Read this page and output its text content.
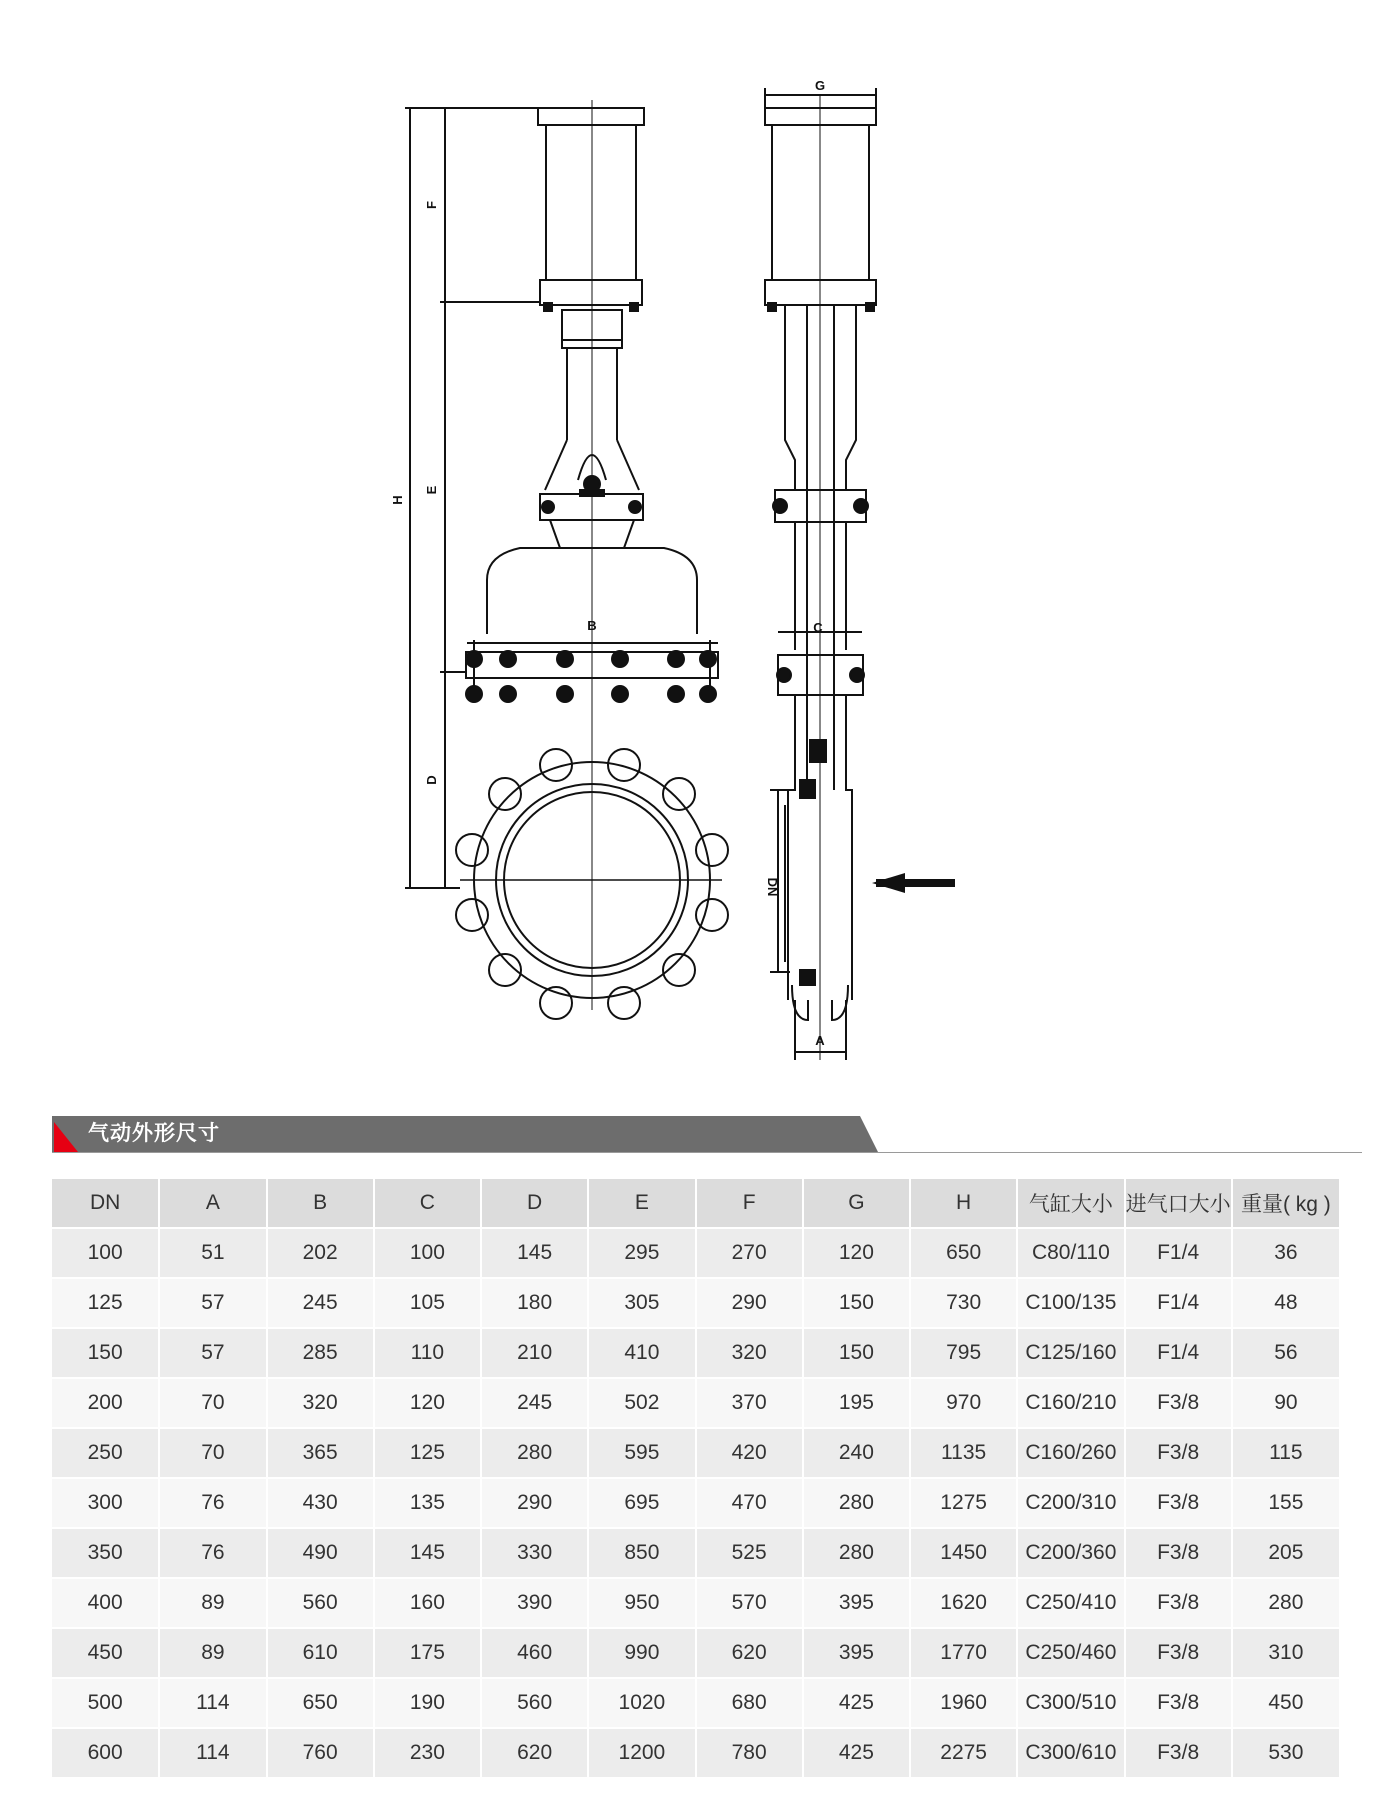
G
F
H
E
B	C
D
DN
A
气动外形尺寸
DN	A	B	C	D	E	F	G	H	气缸大小	进气口大小	重量( kg )
100	51	202	100	145	295	270	120	650	C80/110	F1/4	36
125	57	245	105	180	305	290	150	730	C100/135	F1/4	48
150	57	285	110	210	410	320	150	795	C125/160	F1/4	56
200	70	320	120	245	502	370	195	970	C160/210	F3/8	90
250	70	365	125	280	595	420	240	1135	C160/260	F3/8	115
300	76	430	135	290	695	470	280	1275	C200/310	F3/8	155
350	76	490	145	330	850	525	280	1450	C200/360	F3/8	205
400	89	560	160	390	950	570	395	1620	C250/410	F3/8	280
450	89	610	175	460	990	620	395	1770	C250/460	F3/8	310
500	114	650	190	560	1020	680	425	1960	C300/510	F3/8	450
600	114	760	230	620	1200	780	425	2275	C300/610	F3/8	530
